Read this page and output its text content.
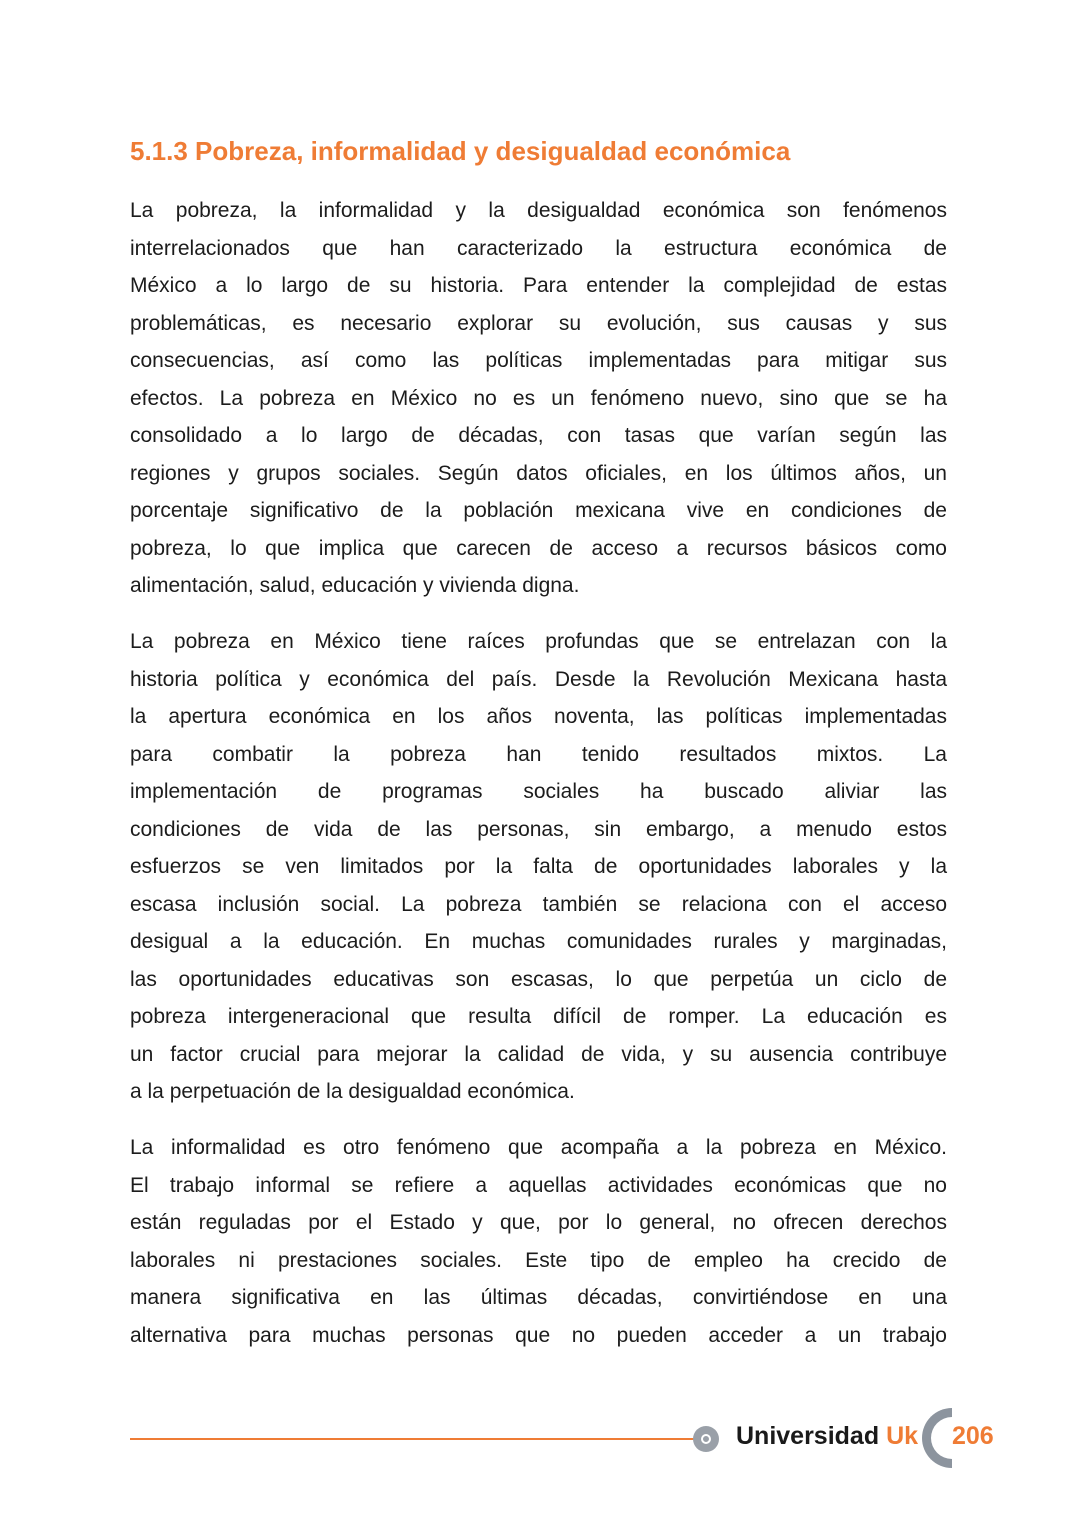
5.1.3 Pobreza, informalidad y desigualdad económica
La pobreza, la informalidad y la desigualdad económica son fenómenos
interrelacionados que han caracterizado la estructura económica de
México a lo largo de su historia. Para entender la complejidad de estas
problemáticas, es necesario explorar su evolución, sus causas y sus
consecuencias, así como las políticas implementadas para mitigar sus
efectos. La pobreza en México no es un fenómeno nuevo, sino que se ha
consolidado a lo largo de décadas, con tasas que varían según las
regiones y grupos sociales. Según datos oficiales, en los últimos años, un
porcentaje significativo de la población mexicana vive en condiciones de
pobreza, lo que implica que carecen de acceso a recursos básicos como
alimentación, salud, educación y vivienda digna.
La pobreza en México tiene raíces profundas que se entrelazan con la
historia política y económica del país. Desde la Revolución Mexicana hasta
la apertura económica en los años noventa, las políticas implementadas
para combatir la pobreza han tenido resultados mixtos. La
implementación de programas sociales ha buscado aliviar las
condiciones de vida de las personas, sin embargo, a menudo estos
esfuerzos se ven limitados por la falta de oportunidades laborales y la
escasa inclusión social. La pobreza también se relaciona con el acceso
desigual a la educación. En muchas comunidades rurales y marginadas,
las oportunidades educativas son escasas, lo que perpetúa un ciclo de
pobreza intergeneracional que resulta difícil de romper. La educación es
un factor crucial para mejorar la calidad de vida, y su ausencia contribuye
a la perpetuación de la desigualdad económica.
La informalidad es otro fenómeno que acompaña a la pobreza en México.
El trabajo informal se refiere a aquellas actividades económicas que no
están reguladas por el Estado y que, por lo general, no ofrecen derechos
laborales ni prestaciones sociales. Este tipo de empleo ha crecido de
manera significativa en las últimas décadas, convirtiéndose en una
alternativa para muchas personas que no pueden acceder a un trabajo
Universidad Uk 206
